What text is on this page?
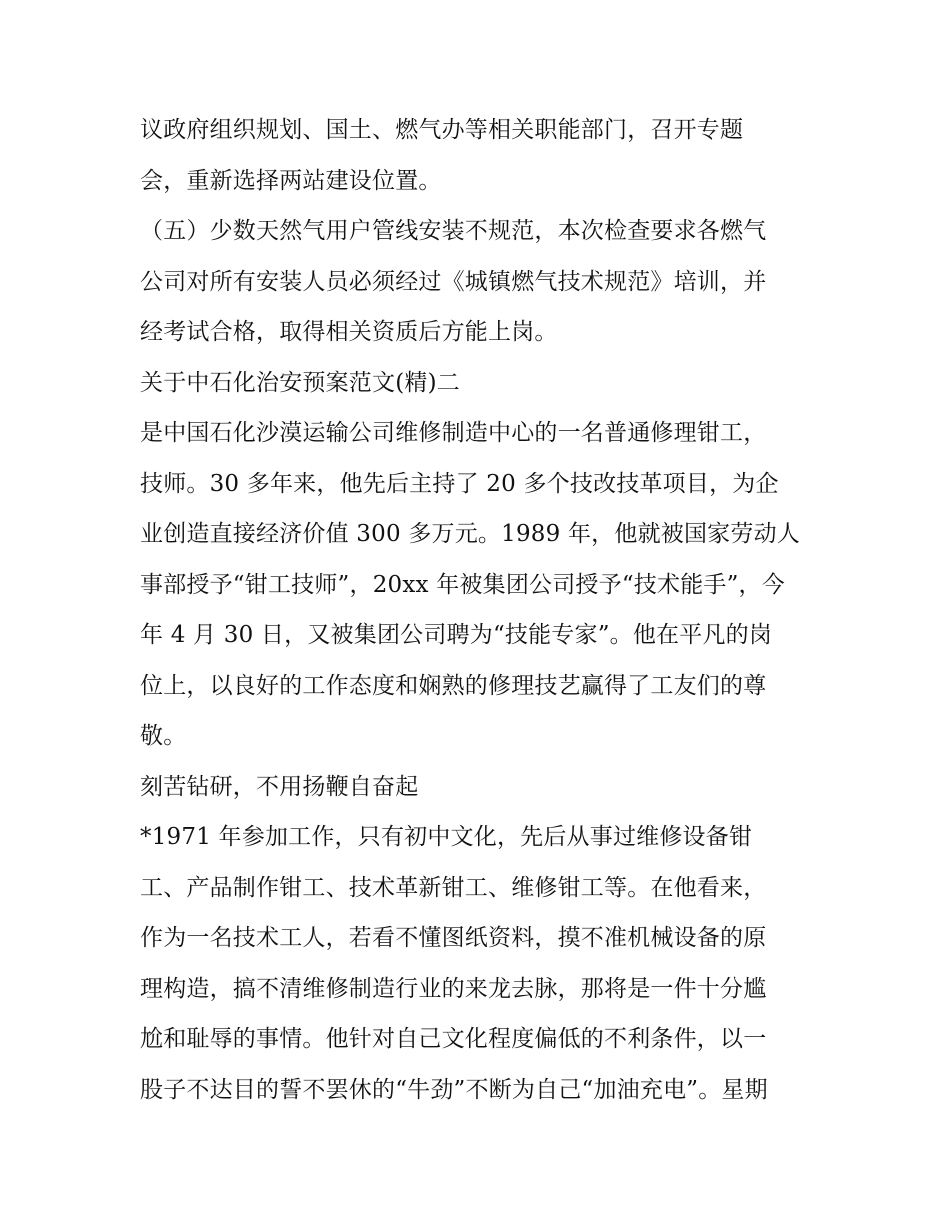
议政府组织规划、国土、燃气办等相关职能部门，召开专题
会，重新选择两站建设位置。
（五）少数天然气用户管线安装不规范，本次检查要求各燃气
公司对所有安装人员必须经过《城镇燃气技术规范》培训，并
经考试合格，取得相关资质后方能上岗。
关于中石化治安预案范文(精)二
是中国石化沙漠运输公司维修制造中心的一名普通修理钳工，
技师。30 多年来，他先后主持了 20 多个技改技革项目，为企
业创造直接经济价值 300 多万元。1989 年，他就被国家劳动人
事部授予“钳工技师”，20xx 年被集团公司授予“技术能手”，今
年 4 月 30 日，又被集团公司聘为“技能专家”。他在平凡的岗
位上，以良好的工作态度和娴熟的修理技艺赢得了工友们的尊
敬。
刻苦钻研，不用扬鞭自奋起
*1971 年参加工作，只有初中文化，先后从事过维修设备钳
工、产品制作钳工、技术革新钳工、维修钳工等。在他看来，
作为一名技术工人，若看不懂图纸资料，摸不准机械设备的原
理构造，搞不清维修制造行业的来龙去脉，那将是一件十分尴
尬和耻辱的事情。他针对自己文化程度偏低的不利条件，以一
股子不达目的誓不罢休的“牛劲”不断为自己“加油充电”。星期
